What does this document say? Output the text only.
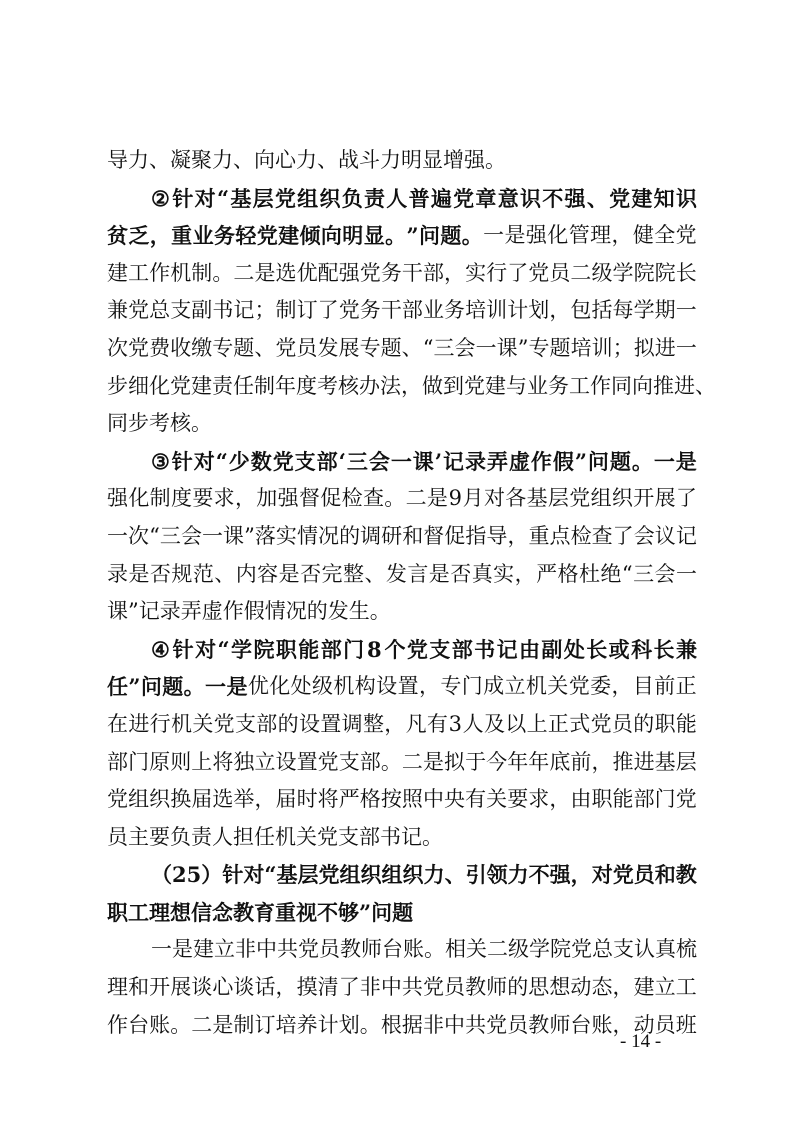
导力、凝聚力、向心力、战斗力明显增强。
② 针 对 “ 基 层 党 组 织 负 责 人 普 遍 党 章 意 识 不 强 、 党 建 知 识
贫 乏 ， 重 业 务 轻 党 建 倾 向 明 显 。 ” 问 题 。 一 是 强 化 管 理 ， 健 全 党
建 工 作 机 制 。 二 是 选 优 配 强 党 务 干 部 ， 实 行 了 党 员 二 级 学 院 院 长
兼 党 总 支 副 书 记 ； 制 订 了 党 务 干 部 业 务 培 训 计 划 ， 包 括 每 学 期 一
次 党 费 收 缴 专 题 、 党 员 发 展 专 题 、 “ 三 会 一 课 ” 专 题 培 训 ； 拟 进 一
步 细 化 党 建 责 任 制 年 度 考 核 办 法 ， 做 到 党 建 与 业 务 工 作 同 向 推 进 、
同步考核。
③ 针 对 “ 少 数 党 支 部 ‘ 三 会 一 课 ’ 记 录 弄 虚 作 假 ” 问 题 。 一 是
强 化 制 度 要 求 ， 加 强 督 促 检 查 。 二 是 9 月 对 各 基 层 党 组 织 开 展 了
一 次 “ 三 会 一 课 ” 落 实 情 况 的 调 研 和 督 促 指 导 ， 重 点 检 查 了 会 议 记
录 是 否 规 范 、 内 容 是 否 完 整 、 发 言 是 否 真 实 ， 严 格 杜 绝 “ 三 会 一
课”记录弄虚作假情况的发生。
④ 针 对 “ 学 院 职 能 部 门 8 个 党 支 部 书 记 由 副 处 长 或 科 长 兼
任 ” 问 题 。 一 是 优 化 处 级 机 构 设 置 ， 专 门 成 立 机 关 党 委 ， 目 前 正
在 进 行 机 关 党 支 部 的 设 置 调 整 ， 凡 有 3 人 及 以 上 正 式 党 员 的 职 能
部 门 原 则 上 将 独 立 设 置 党 支 部 。 二 是 拟 于 今 年 年 底 前 ， 推 进 基 层
党 组 织 换 届 选 举 ， 届 时 将 严 格 按 照 中 央 有 关 要 求 ， 由 职 能 部 门 党
员主要负责人担任机关党支部书记。
（ 2 5 ） 针 对 “ 基 层 党 组 织 组 织 力 、 引 领 力 不 强 ， 对 党 员 和 教
职工理想信念教育重视不够”问题
一 是 建 立 非 中 共 党 员 教 师 台 账 。 相 关 二 级 学 院 党 总 支 认 真 梳
理 和 开 展 谈 心 谈 话 ， 摸 清 了 非 中 共 党 员 教 师 的 思 想 动 态 ， 建 立 工
作 台 账 。 二 是 制 订 培 养 计 划 。 根 据 非 中 共 党 员 教 师 台 账 ， 动 员 班
- 14 -
